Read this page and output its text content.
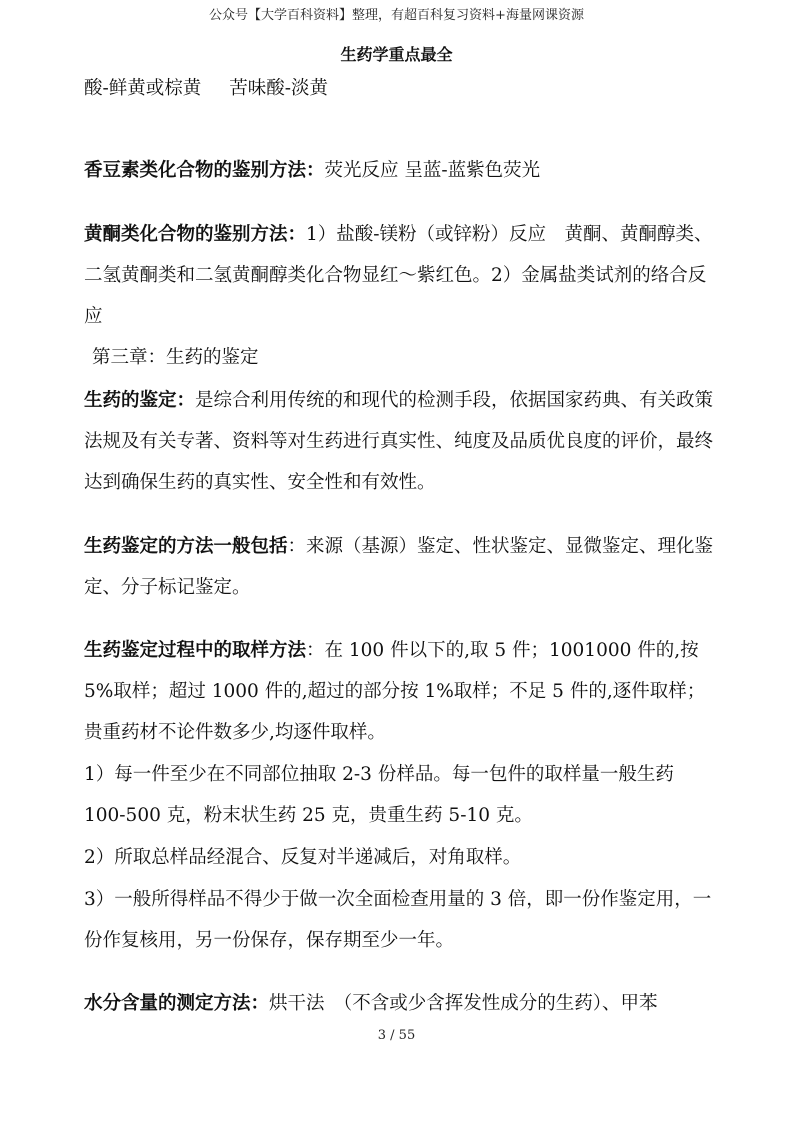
公众号【大学百科资料】整理，有超百科复习资料+海量网课资源
生药学重点最全

酸-鲜黄或棕黄 苦味酸-淡黄

香豆素类化合物的鉴别方法：荧光反应 呈蓝-蓝紫色荧光

黄酮类化合物的鉴别方法：1）盐酸-镁粉（或锌粉）反应　黄酮、黄酮醇类、二氢黄酮类和二氢黄酮醇类化合物显红～紫红色。2）金属盐类试剂的络合反应

第三章：生药的鉴定

生药的鉴定：是综合利用传统的和现代的检测手段，依据国家药典、有关政策法规及有关专著、资料等对生药进行真实性、纯度及品质优良度的评价，最终达到确保生药的真实性、安全性和有效性。

生药鉴定的方法一般包括：来源（基源）鉴定、性状鉴定、显微鉴定、理化鉴定、分子标记鉴定。

生药鉴定过程中的取样方法：在 100 件以下的,取 5 件；1001000 件的,按 5%取样；超过 1000 件的,超过的部分按 1%取样；不足 5 件的,逐件取样；贵重药材不论件数多少,均逐件取样。

1）每一件至少在不同部位抽取 2-3 份样品。每一包件的取样量一般生药 100-500 克，粉末状生药 25 克，贵重生药 5-10 克。

2）所取总样品经混合、反复对半递减后，对角取样。

3）一般所得样品不得少于做一次全面检查用量的 3 倍，即一份作鉴定用，一份作复核用，另一份保存，保存期至少一年。

水分含量的测定方法：烘干法　（不含或少含挥发性成分的生药）、甲苯

3 / 55
